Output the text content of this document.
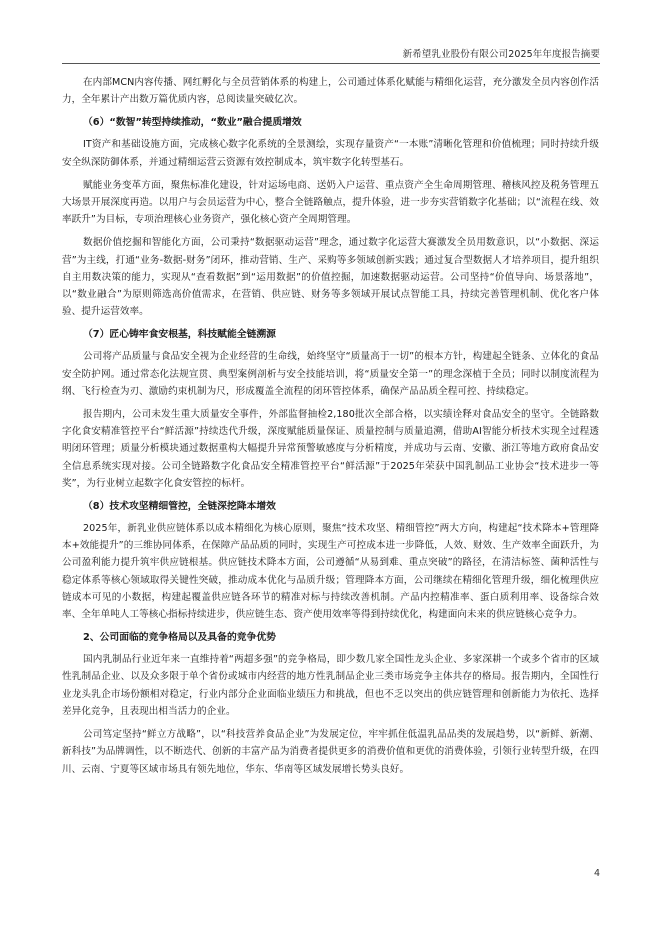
新希望乳业股份有限公司2025年年度报告摘要

在内部MCN内容传播、网红孵化与全员营销体系的构建上，公司通过体系化赋能与精细化运营，充分激发全员内容创作活力，全年累计产出数万篇优质内容，总阅读量突破亿次。

（6）“数智”转型持续推动，“数业”融合提质增效

IT资产和基础设施方面，完成核心数字化系统的全景测绘，实现存量资产“一本账”清晰化管理和价值梳理；同时持续升级安全纵深防御体系，并通过精细运营云资源有效控制成本，筑牢数字化转型基石。

赋能业务变革方面，聚焦标准化建设，针对运场电商、送奶入户运营、重点资产全生命周期管理、稽核风控及税务管理五大场景开展深度再造。以用户与会员运营为中心，整合全链路触点，提升体验，进一步夯实营销数字化基础；以“流程在线、效率跃升”为目标，专项治理核心业务资产，强化核心资产全周期管理。

数据价值挖掘和智能化方面，公司秉持“数据驱动运营”理念，通过数字化运营大赛激发全员用数意识，以“小数据、深运营”为主线，打通“业务-数据-财务”闭环，推动营销、生产、采购等多领域创新实践；通过复合型数据人才培养项目，提升组织自主用数决策的能力，实现从“查看数据”到“运用数据”的价值控掘，加速数据驱动运营。公司坚持“价值导向、场景落地”，以“数业融合”为原则筛选高价值需求，在营销、供应链、财务等多领域开展试点智能工具，持续完善管理机制、优化客户体验、提升运营效率。

（7）匠心铸牢食安根基，科技赋能全链溯源

公司将产品质量与食品安全视为企业经营的生命线，始终坚守“质量高于一切”的根本方针，构建起全链条、立体化的食品安全防护网。通过常态化法规宣贯、典型案例剖析与安全技能培训，将“质量安全第一”的理念深植于全员；同时以制度流程为纲、飞行检查为刃、激励约束机制为尺，形成覆盖全流程的闭环管控体系，确保产品品质全程可控、持续稳定。

报告期内，公司未发生重大质量安全事件，外部监督抽检2,180批次全部合格，以实绩诠释对食品安全的坚守。全链路数字化食安精准管控平台“鲜活源”持续迭代升级，深度赋能质量保证、质量控制与质量追溯，借助AI智能分析技术实现全过程透明闭环管理；质量分析模块通过数据重构大幅提升异常预警敏感度与分析精度，并成功与云南、安徽、浙江等地方政府食品安全信息系统实现对接。公司全链路数字化食品安全精准管控平台“鲜活源”于2025年荣获中国乳制品工业协会“技术进步一等奖”，为行业树立起数字化食安管控的标杆。

（8）技术攻坚精细管控，全链深挖降本增效

2025年，新乳业供应链体系以成本精细化为核心原则，聚焦“技术攻坚、精细管控”两大方向，构建起“技术降本+管理降本+效能提升”的三维协同体系，在保障产品品质的同时，实现生产可控成本进一步降低，人效、财效、生产效率全面跃升，为公司盈利能力提升筑牢供应链根基。供应链技术降本方面，公司遵循“从易到难、重点突破”的路径，在清洁标签、菌种活性与稳定体系等核心领域取得关键性突破，推动成本优化与品质升级；管理降本方面，公司继续在精细化管理升级，细化梳理供应链成本可见的小数据，构建起覆盖供应链各环节的精准对标与持续改善机制。产品内控精准率、蛋白质利用率、设备综合效率、全年单吨人工等核心指标持续进步，供应链生态、资产使用效率等得到持续优化，构建面向未来的供应链核心竞争力。

2、公司面临的竞争格局以及具备的竞争优势

国内乳制品行业近年来一直维持着“两超多强”的竞争格局，即少数几家全国性龙头企业、多家深耕一个或多个省市的区域性乳制品企业、以及众多限于单个省份或城市内经营的地方性乳制品企业三类市场竞争主体共存的格局。报告期内，全国性行业龙头乳企市场份额相对稳定，行业内部分企业面临业绩压力和挑战，但也不乏以突出的供应链管理和创新能力为依托、选择差异化竞争，且表现出相当活力的企业。

公司笃定坚持“鲜立方战略”，以“科技营养食品企业”为发展定位，牢牢抓住低温乳品品类的发展趋势，以“新鲜、新潮、新科技”为品牌调性，以不断迭代、创新的丰富产品为消费者提供更多的消费价值和更优的消费体验，引领行业转型升级，在四川、云南、宁夏等区域市场具有领先地位，华东、华南等区域发展增长势头良好。

4
